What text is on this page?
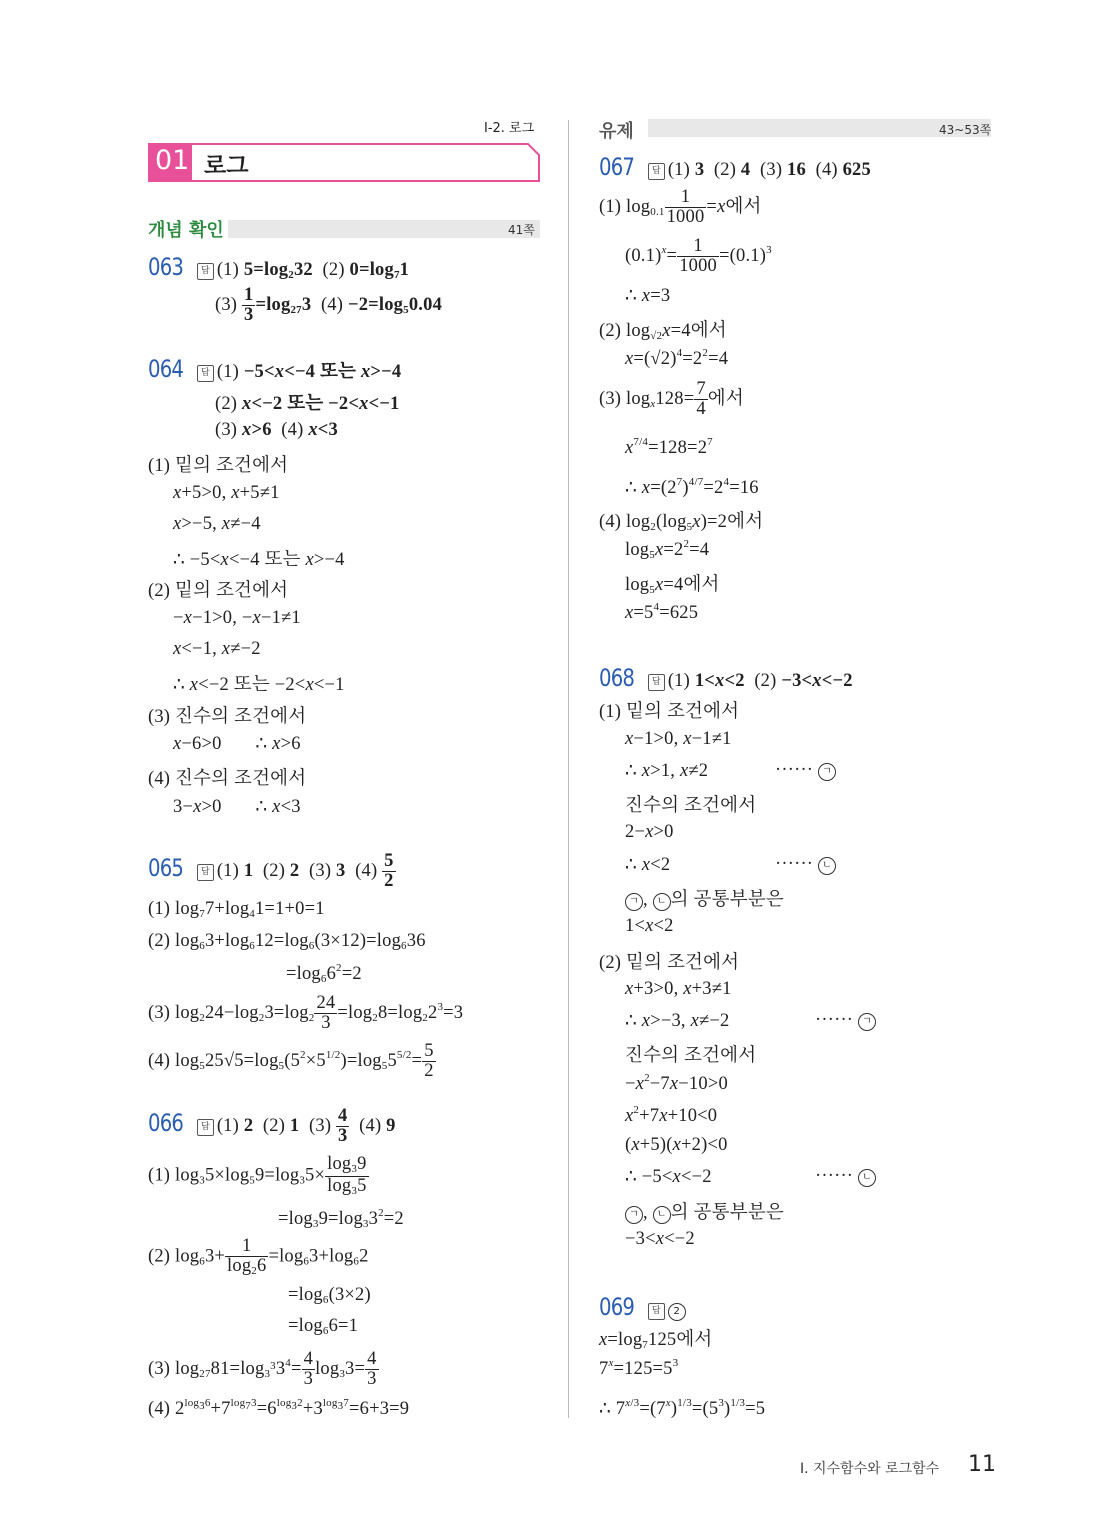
Ⅰ-2. 로그
01 로그
개념 확인	41쪽
063 답 (1) $5=\log_232$  (2) $0=\log_71$
$(3) \frac{1}{3} =\log_{27}3$  $(4) -2=\log_50.04$
064 답 (1) −5<x<−4 또는 x>−4
(2) x<−2 또는 −2<x<−1
(3) x>6  (4) x<3
(1) 밑의 조건에서
x+5>0, x+5≠1
x>−5, x≠−4
∴ −5<x<−4 또는 x>−4
(2) 밑의 조건에서
−x−1>0, −x−1≠1
x<−1, x≠−2
∴ x<−2 또는 −2<x<−1
(3) 진수의 조건에서
x−6>0       ∴ x>6
(4) 진수의 조건에서
3−x>0       ∴ x<3
065 답 (1) 1  (2) 2  (3) 3  $(4) \frac{5}{2}$
(1) $\log_77+\log_41=1+0=1$
(2) $\log_63+\log_612=\log_6(3\times 12)=\log_636$
$=\log_66^2=2$
(3) $\log_224-\log_23=\log_2 \frac{24}{3} =\log_28=\log_22^3=3$
(4) $\log_525√5=\log_5(5^2\times 5^{1/2})=\log_55^{5/2}= \frac{5}{2}$
066 답 (1) 2  (2) 1  $(3) \frac{4}{3} (4)$ 9
(1) $\log_35\times\log_59=\log_35\times \frac{\log_39}{\log_35}$
$=\log_39=\log_33^2=2$
(2) $\log_63+ \frac{1}{\log_26} =\log_63+\log_62$
$=\log_6(3\times 2)$
$=\log_66=1$
(3) $\log_{27}81=\log_{3^3}3^4= \frac{4}{3} \log_33= \frac{4}{3}$
(4) $2^{log_36}+7^{log_73}=6^{log_32}+3^{log_37}=6+3=9$
유제	43~53쪽
067 답 (1) 3  (2) 4  (3) 16  (4) 625
(1) $\log_{0.1} \frac{1}{1000} =x$에서
$(0.1)^x= \frac{1}{1000} =(0.1)^3$
∴ x=3
(2) $\log_{√2}x=4$에서
$x=(√2)^4=2^2=4$
(3) $\log_x128= \frac{7}{4}$ 에서
$x^{7/4}=128=2^7$
∴ $x=(2^7)^{4/7}=2^4=16$
(4) $\log_2(\log_5x)=2$에서
$\log_5x=2^2=4$
$\log_5x=4$에서
$x=5^4=625$
068 답 (1) 1<x<2  (2) −3<x<−2
(1) 밑의 조건에서
x−1>0, x−1≠1
∴ x>1, x≠2	······ ㄱ
진수의 조건에서
2−x>0
∴ x<2	······ ㄴ
ㄱ , ㄴ 의 공통부분은
1<x<2
(2) 밑의 조건에서
x+3>0, x+3≠1
∴ x>−3, x≠−2	······ ㄱ
진수의 조건에서
$-x^2-7x-10>0$
$x^2+7x+10<0$
(x+5)(x+2)<0
∴ −5<x<−2	······ ㄴ
ㄱ , ㄴ 의 공통부분은
−3<x<−2
069 답 2
$x=\log_7125$에서
$7^x=125=5^3$
∴ $7^{x/3}=(7^x)^{1/3}=(5^3)^{1/3}=5$
Ⅰ. 지수함수와 로그함수 11
